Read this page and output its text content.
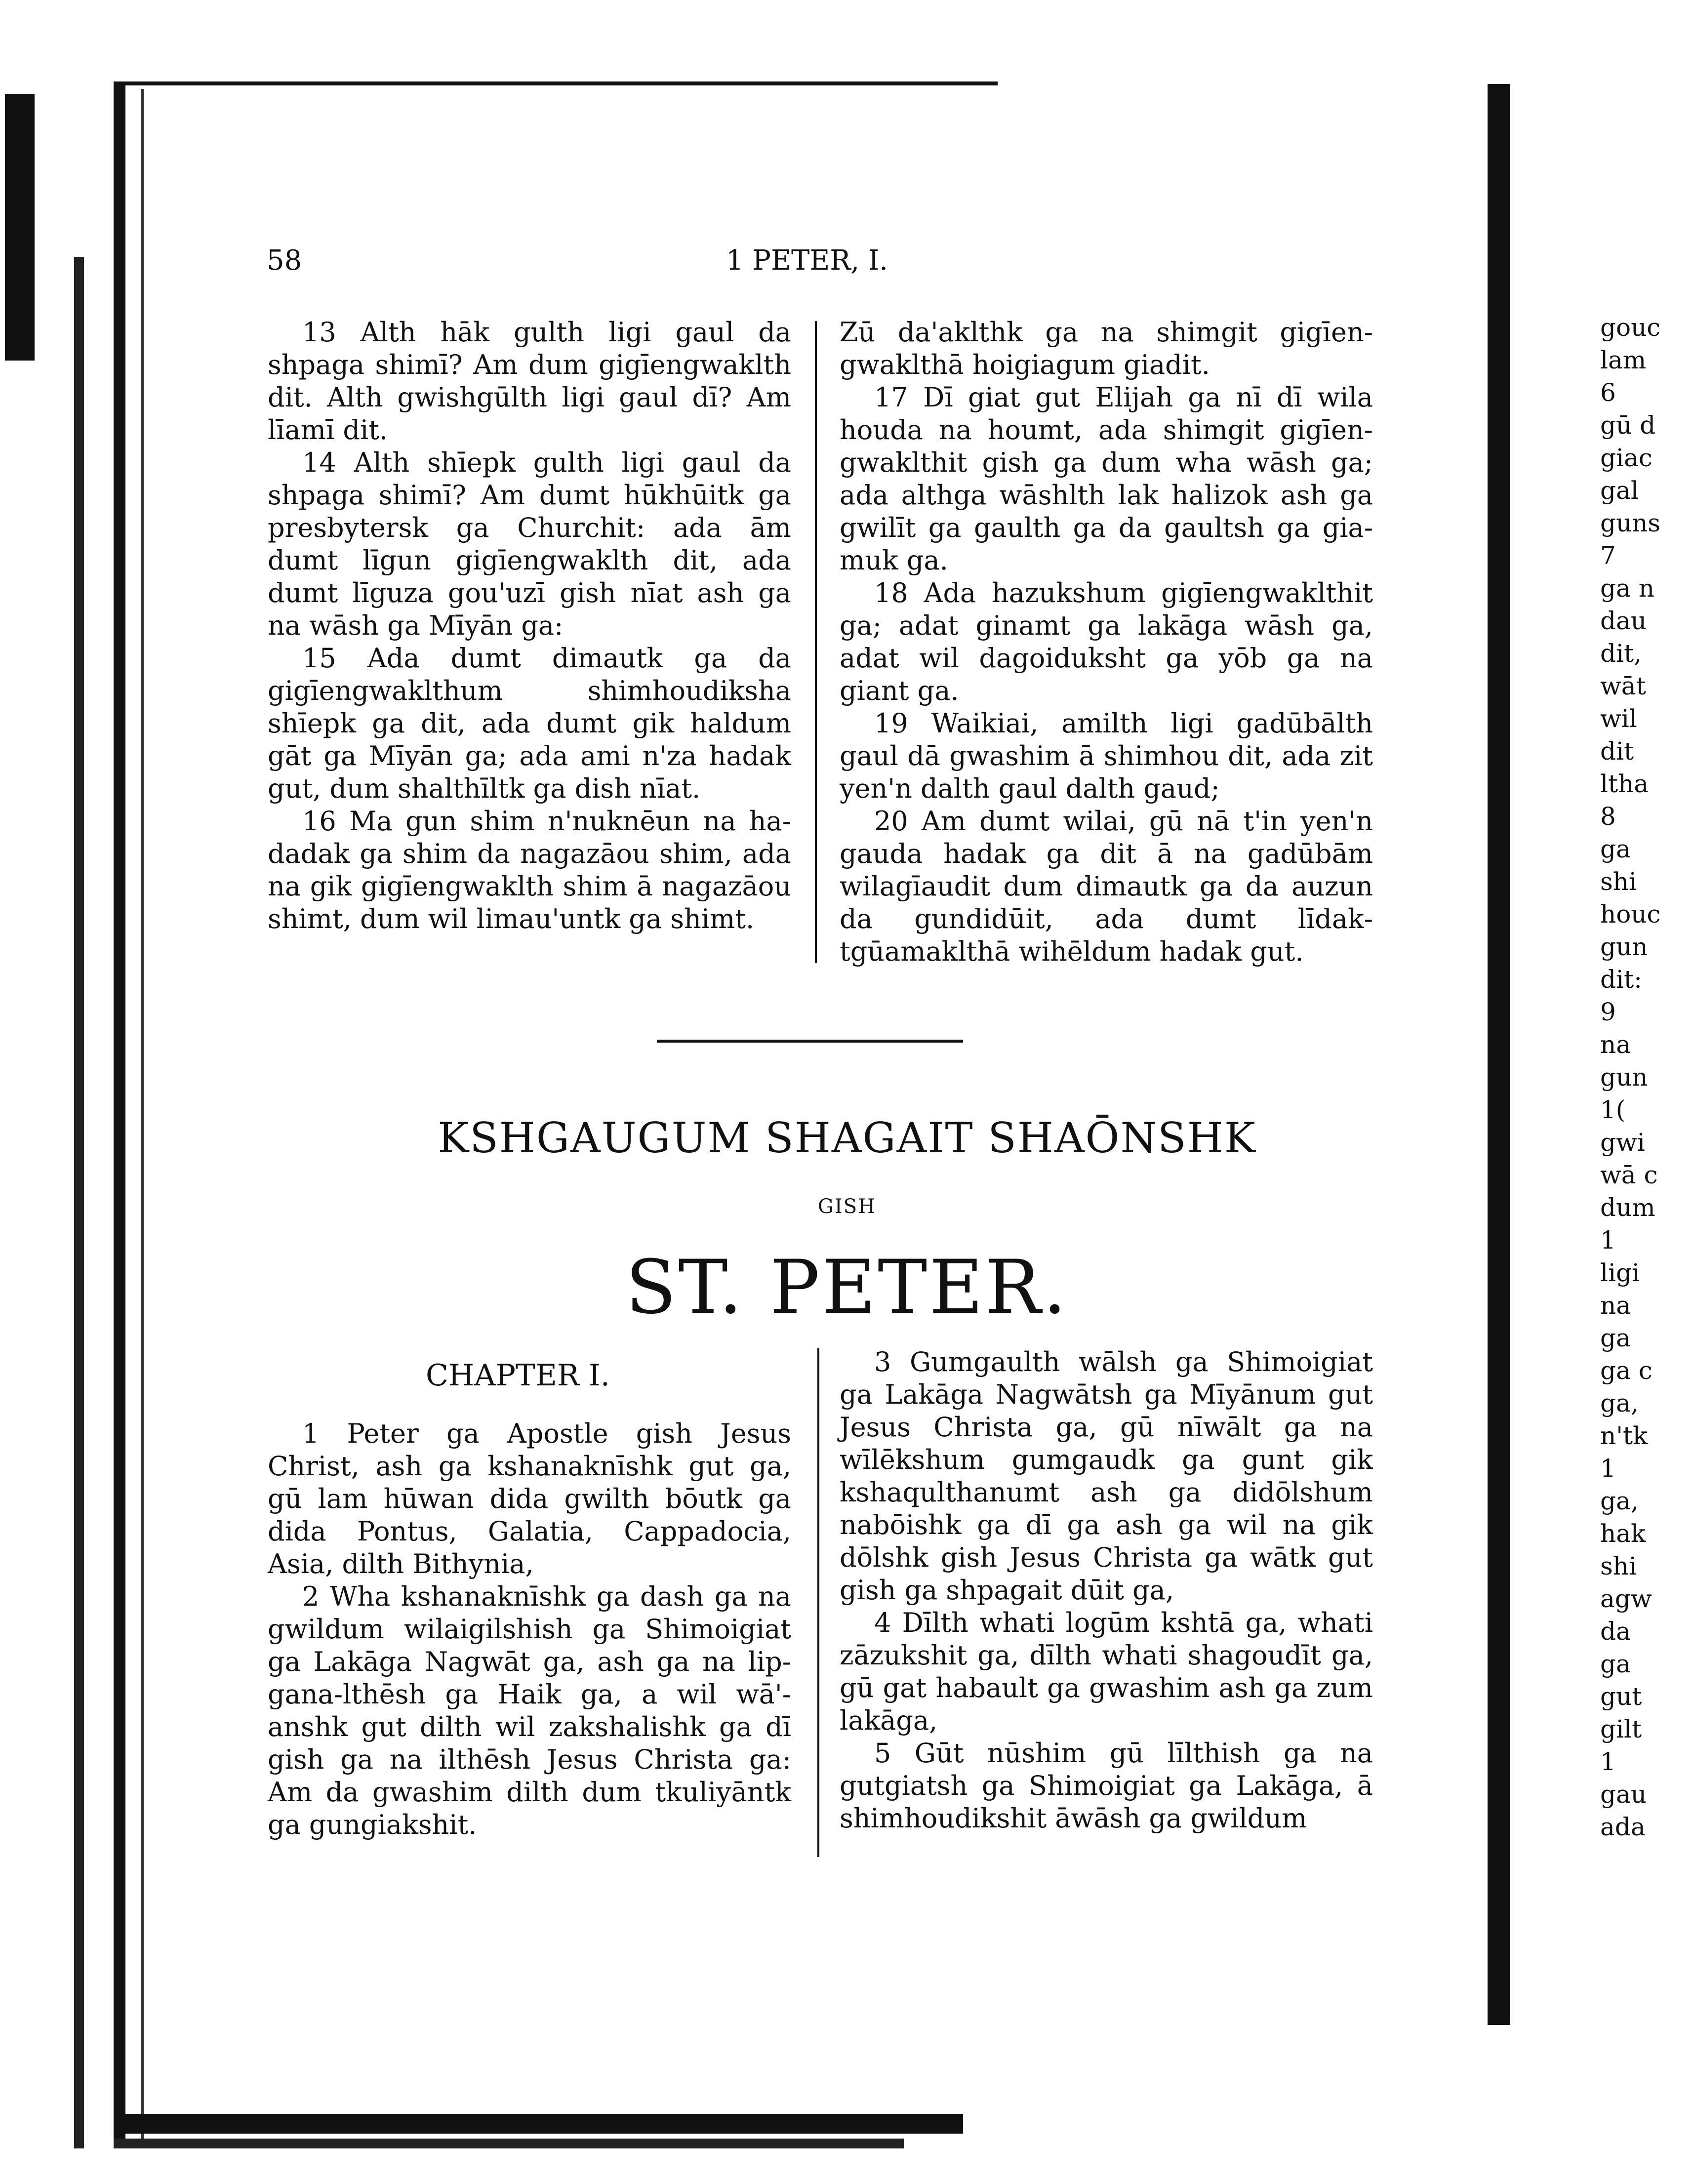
58	1 PETER, I.

13 Alth hāk gulth ligi gaul da shpaga shimī? Am dum gigīengwaklth dit. Alth gwishgūlth ligi gaul dī? Am līamī dit.

14 Alth shīepk gulth ligi gaul da shpaga shimī? Am dumt hūkhūitk ga presbytersk ga Churchit: ada ām dumt līgun gigīengwaklth dit, ada dumt līguza gou'uzī gish nīat ash ga na wāsh ga Mīyān ga:

15 Ada dumt dimautk ga da gigīengwaklthum shimhoudiksha shīepk ga dit, ada dumt gik haldum gāt ga Mīyān ga; ada ami n'za hadak gut, dum shalthīltk ga dish nīat.

16 Ma gun shim n'nuknēun na hadadak ga shim da nagazāou shim, ada na gik gigīengwaklth shim ā nagazāou shimt, dum wil limau'untk ga shimt.

Zū da'aklthk ga na shimgit gigīengwaklthā hoigiagum giadit.

17 Dī giat gut Elijah ga nī dī wila houda na houmt, ada shimgit gigīengwaklthit gish ga dum wha wāsh ga; ada althga wāshlth lak halizok ash ga gwilīt ga gaulth ga da gaultsh ga giamuk ga.

18 Ada hazukshum gigīengwaklthit ga; adat ginamt ga lakāga wāsh ga, adat wil dagoiduksht ga yōb ga na giant ga.

19 Waikiai, amilth ligi gadūbālth gaul dā gwashim ā shimhou dit, ada zit yen'n dalth gaul dalth gaud;

20 Am dumt wilai, gū nā t'in yen'n gauda hadak ga dit ā na gadūbām wilagīaudit dum dimautk ga da auzun da gundidūit, ada dumt līdaktgūamaklthā wihēldum hadak gut.

KSHGAUGUM SHAGAIT SHAŌNSHK
GISH
ST. PETER.
CHAPTER I.

1 Peter ga Apostle gish Jesus Christ, ash ga kshanaknīshk gut ga, gū lam hūwan dida gwilth bōutk ga dida Pontus, Galatia, Cappadocia, Asia, dilth Bithynia,

2 Wha kshanaknīshk ga dash ga na gwildum wilaigilshish ga Shimoigiat ga Lakāga Nagwāt ga, ash ga na lip-gana-lthēsh ga Haik ga, a wil wā'anshk gut dilth wil zakshalishk ga dī gish ga na ilthēsh Jesus Christa ga: Am da gwashim dilth dum tkuliyāntk ga gungiakshit.

3 Gumgaulth wālsh ga Shimoigiat ga Lakāga Nagwātsh ga Mīyānum gut Jesus Christa ga, gū nīwālt ga na wīlēkshum gumgaudk ga gunt gik kshaqulthanumt ash ga didōlshum nabōishk ga dī ga ash ga wil na gik dōlshk gish Jesus Christa ga wātk gut gish ga shpagait dūit ga,

4 Dīlth whati logūm kshtā ga, whati zāzukshit ga, dīlth whati shagoudīt ga, gū gat habault ga gwashim ash ga zum lakāga,

5 Gūt nūshim gū līlthish ga na gutgiatsh ga Shimoigiat ga Lakāga, ā shimhoudikshit āwāsh ga gwildum

gouc
lam
6
gū d
giac
gal
guns
7
ga n
dau
dit,
wāt
wil
dit
ltha
8
ga
shi
houc
gun
dit:
9
na
gun
1(
gwi
wā c
dum
1
ligi
na
ga
ga c
ga,
n'tk
1
ga,
hak
shi
agw
da
ga
gut
gilt
1
gau
ada
